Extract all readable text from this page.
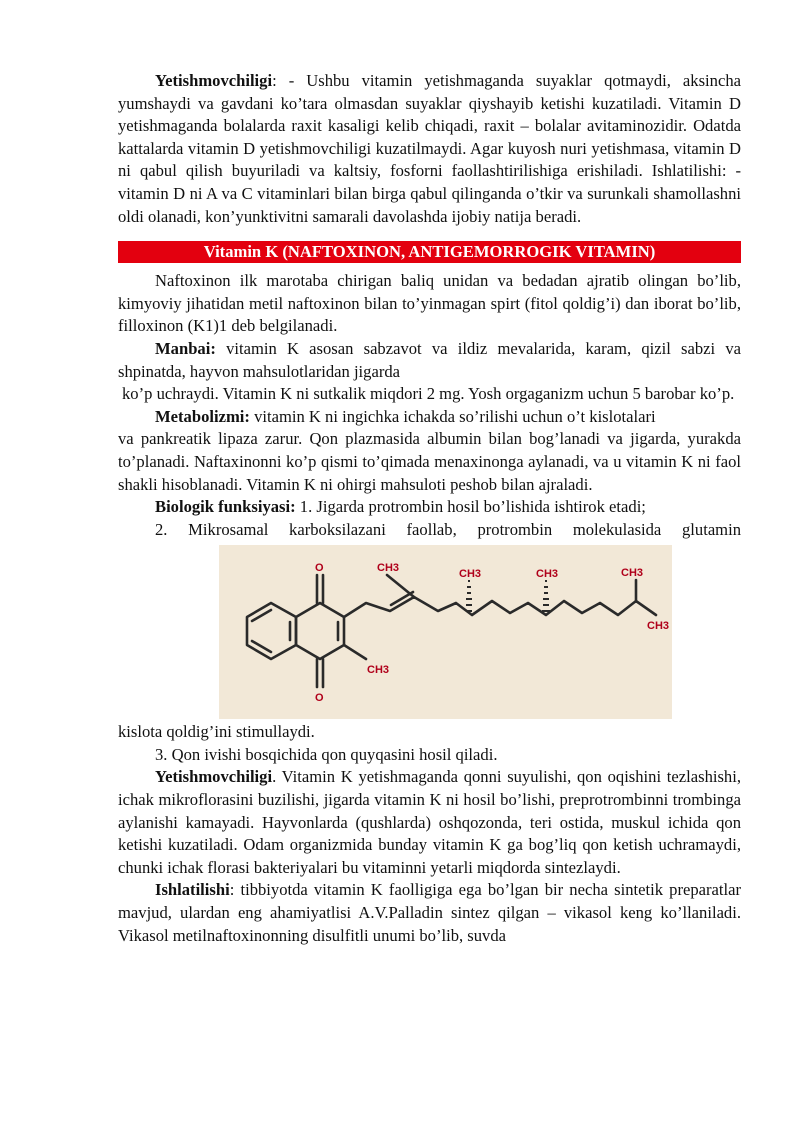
Yetishmovchiligi: - Ushbu vitamin yetishmaganda suyaklar qotmaydi, aksincha yumshaydi va gavdani ko’tara olmasdan suyaklar qiyshayib ketishi kuzatiladi. Vitamin D yetishmaganda bolalarda raxit kasaligi kelib chiqadi, raxit – bolalar avitaminozidir. Odatda kattalarda vitamin D yetishmovchiligi kuzatilmaydi. Agar kuyosh nuri yetishmasa, vitamin D ni qabul qilish buyuriladi va kaltsiy, fosforni faollashtirilishiga erishiladi. Ishlatilishi: - vitamin D ni A va C vitaminlari bilan birga qabul qilinganda o’tkir va surunkali shamollashni oldi olanadi, kon’yunktivitni samarali davolashda ijobiy natija beradi.

Vitamin K (NAFTOXINON, ANTIGEMORROGIK VITAMIN)

Naftoxinon ilk marotaba chirigan baliq unidan va bedadan ajratib olingan bo’lib, kimyoviy jihatidan metil naftoxinon bilan to’yinmagan spirt (fitol qoldig’i) dan iborat bo’lib, filloxinon (K1)1 deb belgilanadi.

Manbai: vitamin K asosan sabzavot va ildiz mevalarida, karam, qizil sabzi va shpinatda, hayvon mahsulotlaridan jigarda

ko’p uchraydi. Vitamin K ni sutkalik miqdori 2 mg. Yosh orgaganizm uchun 5 barobar ko’p.

Metabolizmi: vitamin K ni ingichka ichakda so’rilishi uchun o’t kislotalari

va pankreatik lipaza zarur. Qon plazmasida albumin bilan bog’lanadi va jigarda, yurakda to’planadi. Naftaxinonni ko’p qismi to’qimada menaxinonga aylanadi, va u vitamin K ni faol shakli hisoblanadi. Vitamin K ni ohirgi mahsuloti peshob bilan ajraladi.

Biologik funksiyasi: 1. Jigarda protrombin hosil bo’lishida ishtirok etadi;

2. Mikrosamal karboksilazani faollab, protrombin molekulasida glutamin

O
O
CH3
CH3	CH3	CH3	CH3
CH3

kislota qoldig’ini stimullaydi.

3. Qon ivishi bosqichida qon quyqasini hosil qiladi.

Yetishmovchiligi. Vitamin K yetishmaganda qonni suyulishi, qon oqishini tezlashishi, ichak mikroflorasini buzilishi, jigarda vitamin K ni hosil bo’lishi, preprotrombinni trombinga aylanishi kamayadi. Hayvonlarda (qushlarda) oshqozonda, teri ostida, muskul ichida qon ketishi kuzatiladi. Odam organizmida bunday vitamin K ga bog’liq qon ketish uchramaydi, chunki ichak florasi bakteriyalari bu vitaminni yetarli miqdorda sintezlaydi.

Ishlatilishi: tibbiyotda vitamin K faolligiga ega bo’lgan bir necha sintetik preparatlar mavjud, ulardan eng ahamiyatlisi A.V.Palladin sintez qilgan – vikasol keng ko’llaniladi. Vikasol metilnaftoxinonning disulfitli unumi bo’lib, suvda
